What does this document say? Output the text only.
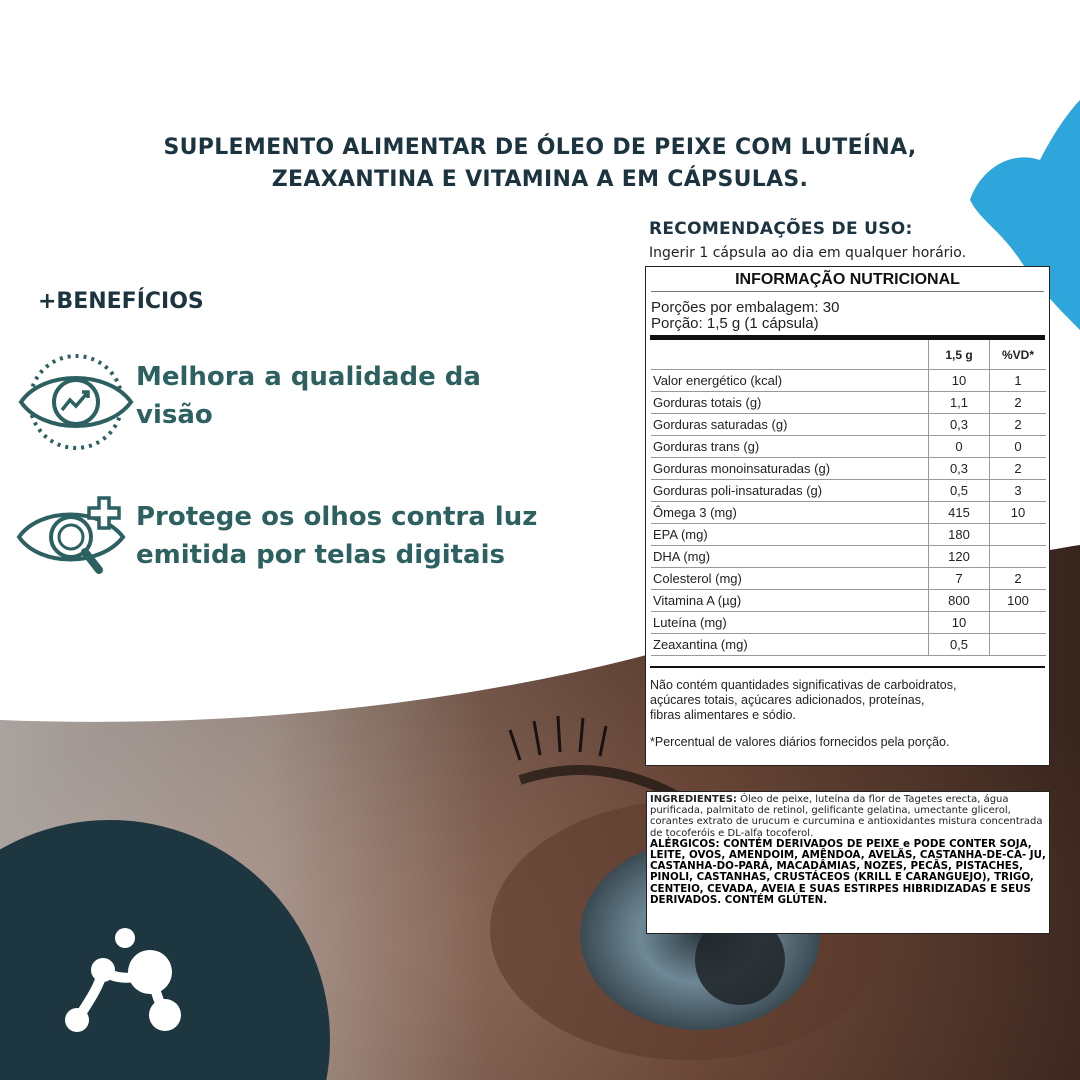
SUPLEMENTO ALIMENTAR DE ÓLEO DE PEIXE COM LUTEÍNA,
ZEAXANTINA E VITAMINA A EM CÁPSULAS.
RECOMENDAÇÕES DE USO:
Ingerir 1 cápsula ao dia em qualquer horário.
+BENEFÍCIOS
Melhora a qualidade da
visão
Protege os olhos contra luz
emitida por telas digitais
INFORMAÇÃO NUTRICIONAL
Porções por embalagem: 30
Porção: 1,5 g (1 cápsula)
	1,5 g	%VD*
Valor energético (kcal)	10	1
Gorduras totais (g)	1,1	2
Gorduras saturadas (g)	0,3	2
Gorduras trans (g)	0	0
Gorduras monoinsaturadas (g)	0,3	2
Gorduras poli-insaturadas (g)	0,5	3
Ômega 3 (mg)	415	10
EPA (mg)	180	
DHA (mg)	120	
Colesterol (mg)	7	2
Vitamina A (µg)	800	100
Luteína (mg)	10	
Zeaxantina (mg)	0,5	
Não contém quantidades significativas de carboidratos,
açúcares totais, açúcares adicionados, proteínas,
fibras alimentares e sódio.
*Percentual de valores diários fornecidos pela porção.
INGREDIENTES: Óleo de peixe, luteína da flor de Tagetes erecta, água purificada, palmitato de retinol, gelificante gelatina, umectante glicerol, corantes extrato de urucum e curcumina e antioxidantes mistura concentrada de tocoferóis e DL-alfa tocoferol.
ALÉRGICOS: CONTÉM DERIVADOS DE PEIXE e PODE CONTER SOJA, LEITE, OVOS, AMENDOIM, AMÊNDOA, AVELÃS, CASTANHA-DE-CA- JU, CASTANHA-DO-PARÁ, MACADÂMIAS, NOZES, PECÃS, PISTACHES, PINOLI, CASTANHAS, CRUSTÁCEOS (KRILL E CARANGUEJO), TRIGO, CENTEIO, CEVADA, AVEIA E SUAS ESTIRPES HIBRIDIZADAS E SEUS DERIVADOS. CONTÉM GLÚTEN.
